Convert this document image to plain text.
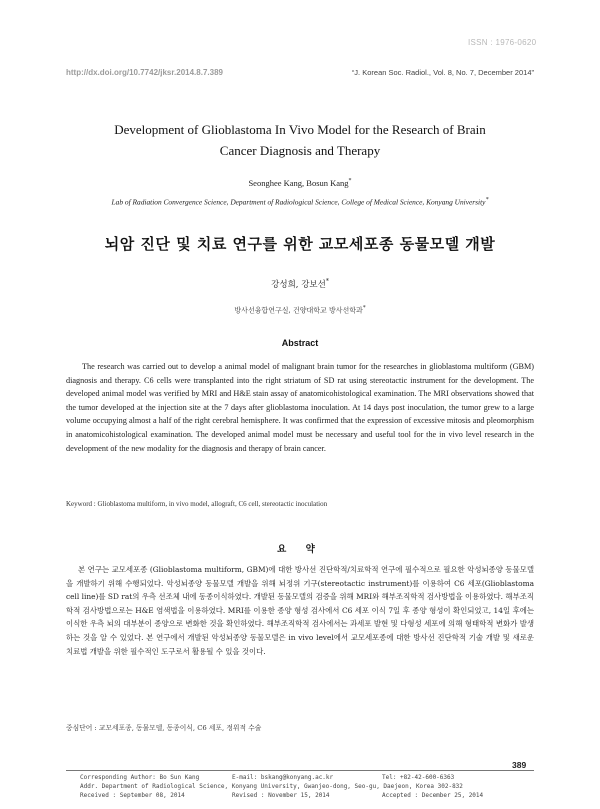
ISSN : 1976-0620
http://dx.doi.org/10.7742/jksr.2014.8.7.389	“J. Korean Soc. Radiol., Vol. 8, No. 7, December 2014”
Development of Glioblastoma In Vivo Model for the Research of Brain
Cancer Diagnosis and Therapy
Seonghee Kang, Bosun Kang*
Lab of Radiation Convergence Science, Department of Radiological Science, College of Medical Science, Konyang University*
뇌암 진단 및 치료 연구를 위한 교모세포종 동물모델 개발
강성희, 강보선*
방사선융합연구실, 건양대학교 방사선학과*
Abstract
The research was carried out to develop a animal model of malignant brain tumor for the researches in glioblastoma multiform (GBM) diagnosis and therapy. C6 cells were transplanted into the right striatum of SD rat using stereotactic instrument for the development. The developed animal model was verified by MRI and H&E stain assay of anatomicohistological examination. The MRI observations showed that the tumor developed at the injection site at the 7 days after glioblastoma inoculation. At 14 days post inoculation, the tumor grew to a large volume occupying almost a half of the right cerebral hemisphere. It was confirmed that the expression of excessive mitosis and pleomorphism in anatomicohistological examination. The developed animal model must be necessary and useful tool for the in vivo level research in the development of the new modality for the diagnosis and therapy of brain cancer.
Keyword : Glioblastoma multiform, in vivo model, allograft, C6 cell, stereotactic inoculation
요 약
본 연구는 교모세포종 (Glioblastoma multiform, GBM)에 대한 방사선 진단학적/치료학적 연구에 필수적으로 필요한 악성뇌종양 동물모델을 개발하기 위해 수행되었다. 악성뇌종양 동물모델 개발을 위해 뇌정위 기구(stereotactic instrument)를 이용하여 C6 세포(Glioblastoma cell line)를 SD rat의 우측 선조체 내에 동종이식하였다. 개발된 동물모델의 검증을 위해 MRI와 해부조직학적 검사방법을 이용하였다. 해부조직학적 검사방법으로는 H&E 염색법을 이용하였다. MRI를 이용한 종양 형성 검사에서 C6 세포 이식 7일 후 종양 형성이 확인되었고, 14일 후에는 이식한 우측 뇌의 대부분이 종양으로 변화한 것을 확인하였다. 해부조직학적 검사에서는 과세포 발현 및 다형성 세포에 의해 형태학적 변화가 발생하는 것을 알 수 있었다. 본 연구에서 개발된 악성뇌종양 동물모델은 in vivo level에서 교모세포종에 대한 방사선 진단학적 기술 개발 및 새로운 치료법 개발을 위한 필수적인 도구로서 활용될 수 있을 것이다.
중심단어 : 교모세포종, 동물모델, 동종이식, C6 세포, 정위적 수술
389
Corresponding Author: Bo Sun Kang	E-mail: bskang@konyang.ac.kr	Tel: +82-42-600-6363
Addr. Department of Radiological Science, Konyang University, Gwanjeo-dong, Seo-gu, Daejeon, Korea 302-832
Received : September 08, 2014	Revised : November 15, 2014	Accepted : December 25, 2014
